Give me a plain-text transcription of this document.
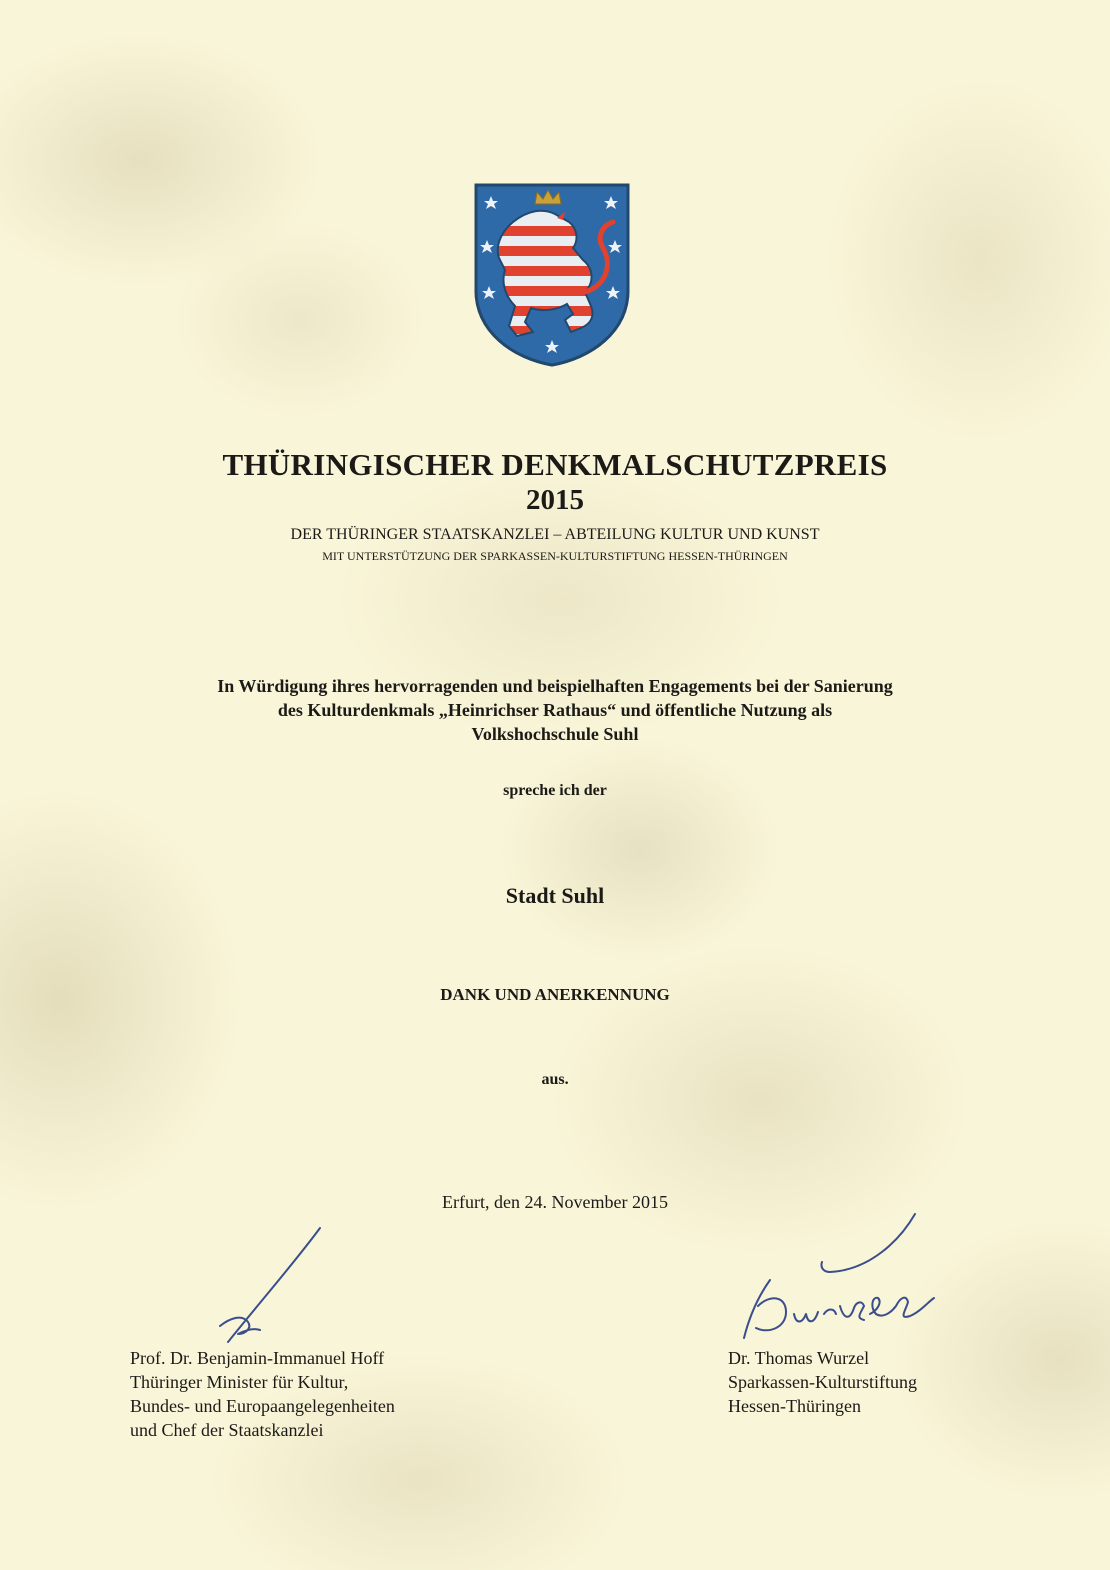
THÜRINGISCHER DENKMALSCHUTZPREIS
2015
DER THÜRINGER STAATSKANZLEI – ABTEILUNG KULTUR UND KUNST
MIT UNTERSTÜTZUNG DER SPARKASSEN-KULTURSTIFTUNG HESSEN-THÜRINGEN
In Würdigung ihres hervorragenden und beispielhaften Engagements bei der Sanierung
des Kulturdenkmals „Heinrichser Rathaus“ und öffentliche Nutzung als
Volkshochschule Suhl
spreche ich der
Stadt Suhl
DANK UND ANERKENNUNG
aus.
Erfurt, den 24. November 2015
Prof. Dr. Benjamin-Immanuel Hoff
Thüringer Minister für Kultur,
Bundes- und Europaangelegenheiten
und Chef der Staatskanzlei
Dr. Thomas Wurzel
Sparkassen-Kulturstiftung
Hessen-Thüringen
